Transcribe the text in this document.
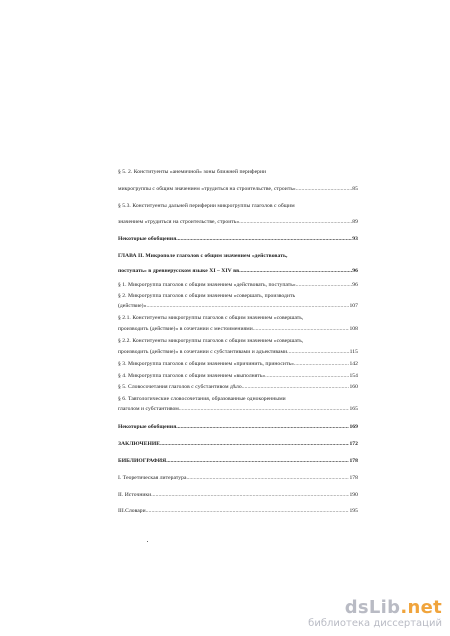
§ 5. 2. Конституенты «анемичной» зоны ближней периферии
микрогруппы с общим значением «трудиться на строительстве, строить» .....	85
§ 5.3. Конституенты дальней периферии микрогруппы глаголов с общим
значением «трудиться на строительстве, строить» .....	89
Некоторые обобщения .....	93
ГЛАВА II. Микрополе глаголов с общим значением «действовать,
поступать» в древнерусском языке XI – XIV вв. .....	96
§ 1. Микрогруппа глаголов с общим значением «действовать, поступать» .....	96
§ 2. Микрогруппа глаголов с общим значением «совершать, производить
(действие)» .....	107
§ 2.1. Конституенты микрогруппы глаголов с общим значением «совершать,
производить (действие)» в сочетании с местоимениями .....	108
§ 2.2. Конституенты микрогруппы глаголов с общим значением «совершать,
производить (действие)» в сочетании с субстантивами и адъективами .....	115
§ 3. Микрогруппа глаголов с общим значением «причинить, приносить» .....	142
§ 4. Микрогруппа глаголов с общим значением «выполнять» .....	154
§ 5. Словосочетания глаголов с субстантивом дѣло .....	160
§ 6. Тавтологические словосочетания, образованные однокоренными
глаголом и субстантивом .....	165
Некоторые обобщения .....	169
ЗАКЛЮЧЕНИЕ .....	172
БИБЛИОГРАФИЯ .....	178
I. Теоретическая литература .....	178
II. Источники .....	190
III.Словари .....	195
dsLib.net
библиотека диссертаций
